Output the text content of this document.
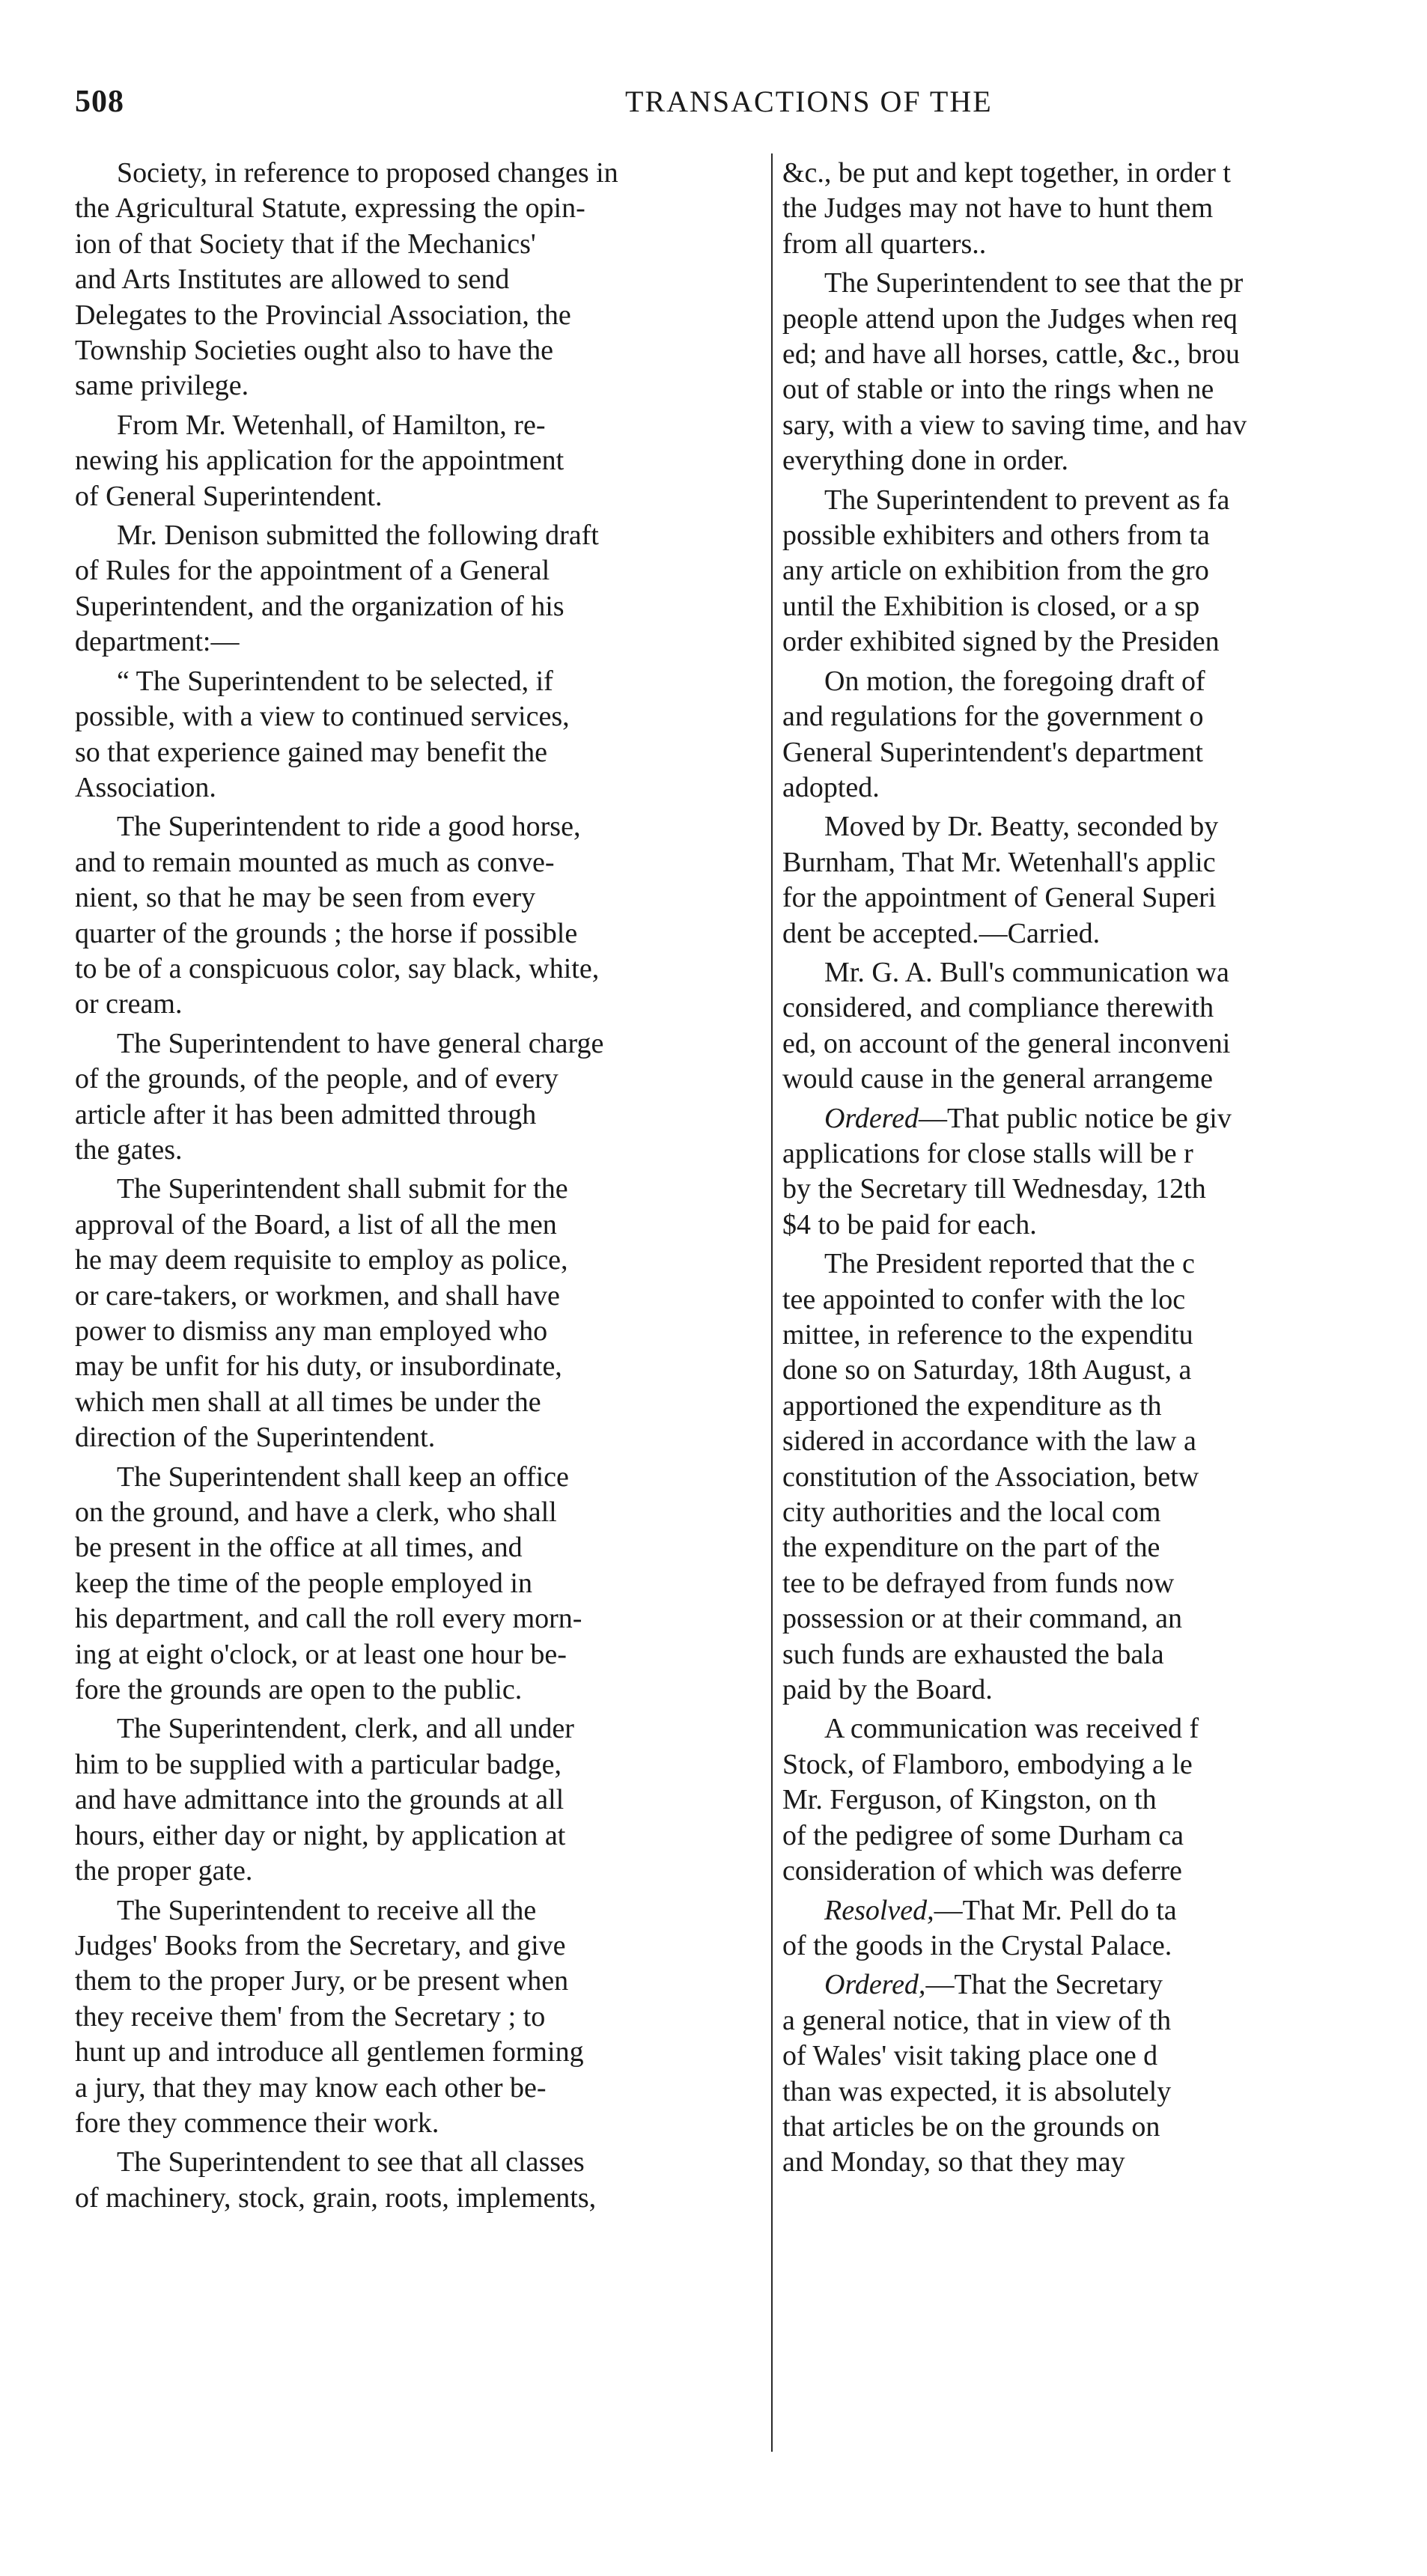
508	TRANSACTIONS OF THE

Society, in reference to proposed changes in
the Agricultural Statute, expressing the opin-
ion of that Society that if the Mechanics'
and Arts Institutes are allowed to send
Delegates to the Provincial Association, the
Township Societies ought also to have the
same privilege.

From Mr. Wetenhall, of Hamilton, re-
newing his application for the appointment
of General Superintendent.

Mr. Denison submitted the following draft
of Rules for the appointment of a General
Superintendent, and the organization of his
department:—

“ The Superintendent to be selected, if
possible, with a view to continued services,
so that experience gained may benefit the
Association.

The Superintendent to ride a good horse,
and to remain mounted as much as conve-
nient, so that he may be seen from every
quarter of the grounds ; the horse if possible
to be of a conspicuous color, say black, white,
or cream.

The Superintendent to have general charge
of the grounds, of the people, and of every
article after it has been admitted through
the gates.

The Superintendent shall submit for the
approval of the Board, a list of all the men
he may deem requisite to employ as police,
or care-takers, or workmen, and shall have
power to dismiss any man employed who
may be unfit for his duty, or insubordinate,
which men shall at all times be under the
direction of the Superintendent.

The Superintendent shall keep an office
on the ground, and have a clerk, who shall
be present in the office at all times, and
keep the time of the people employed in
his department, and call the roll every morn-
ing at eight o'clock, or at least one hour be-
fore the grounds are open to the public.

The Superintendent, clerk, and all under
him to be supplied with a particular badge,
and have admittance into the grounds at all
hours, either day or night, by application at
the proper gate.

The Superintendent to receive all the
Judges' Books from the Secretary, and give
them to the proper Jury, or be present when
they receive them' from the Secretary ; to
hunt up and introduce all gentlemen forming
a jury, that they may know each other be-
fore they commence their work.

The Superintendent to see that all classes
of machinery, stock, grain, roots, implements,

&c., be put and kept together, in order t
the Judges may not have to hunt them
from all quarters..

The Superintendent to see that the pr
people attend upon the Judges when req
ed; and have all horses, cattle, &c., brou
out of stable or into the rings when ne
sary, with a view to saving time, and hav
everything done in order.

The Superintendent to prevent as fa
possible exhibiters and others from ta
any article on exhibition from the gro
until the Exhibition is closed, or a sp
order exhibited signed by the Presiden

On motion, the foregoing draft of
and regulations for the government o
General Superintendent's department
adopted.

Moved by Dr. Beatty, seconded by
Burnham, That Mr. Wetenhall's applic
for the appointment of General Superi
dent be accepted.—Carried.

Mr. G. A. Bull's communication wa
considered, and compliance therewith
ed, on account of the general inconveni
would cause in the general arrangeme

Ordered—That public notice be giv
applications for close stalls will be r
by the Secretary till Wednesday, 12th
$4 to be paid for each.

The President reported that the c
tee appointed to confer with the loc
mittee, in reference to the expenditu
done so on Saturday, 18th August, a
apportioned the expenditure as th
sidered in accordance with the law a
constitution of the Association, betw
city authorities and the local com
the expenditure on the part of the
tee to be defrayed from funds now
possession or at their command, an
such funds are exhausted the bala
paid by the Board.

A communication was received f
Stock, of Flamboro, embodying a le
Mr. Ferguson, of Kingston, on th
of the pedigree of some Durham ca
consideration of which was deferre

Resolved,—That Mr. Pell do ta
of the goods in the Crystal Palace.

Ordered,—That the Secretary
a general notice, that in view of th
of Wales' visit taking place one d
than was expected, it is absolutely
that articles be on the grounds on
and Monday, so that they may
